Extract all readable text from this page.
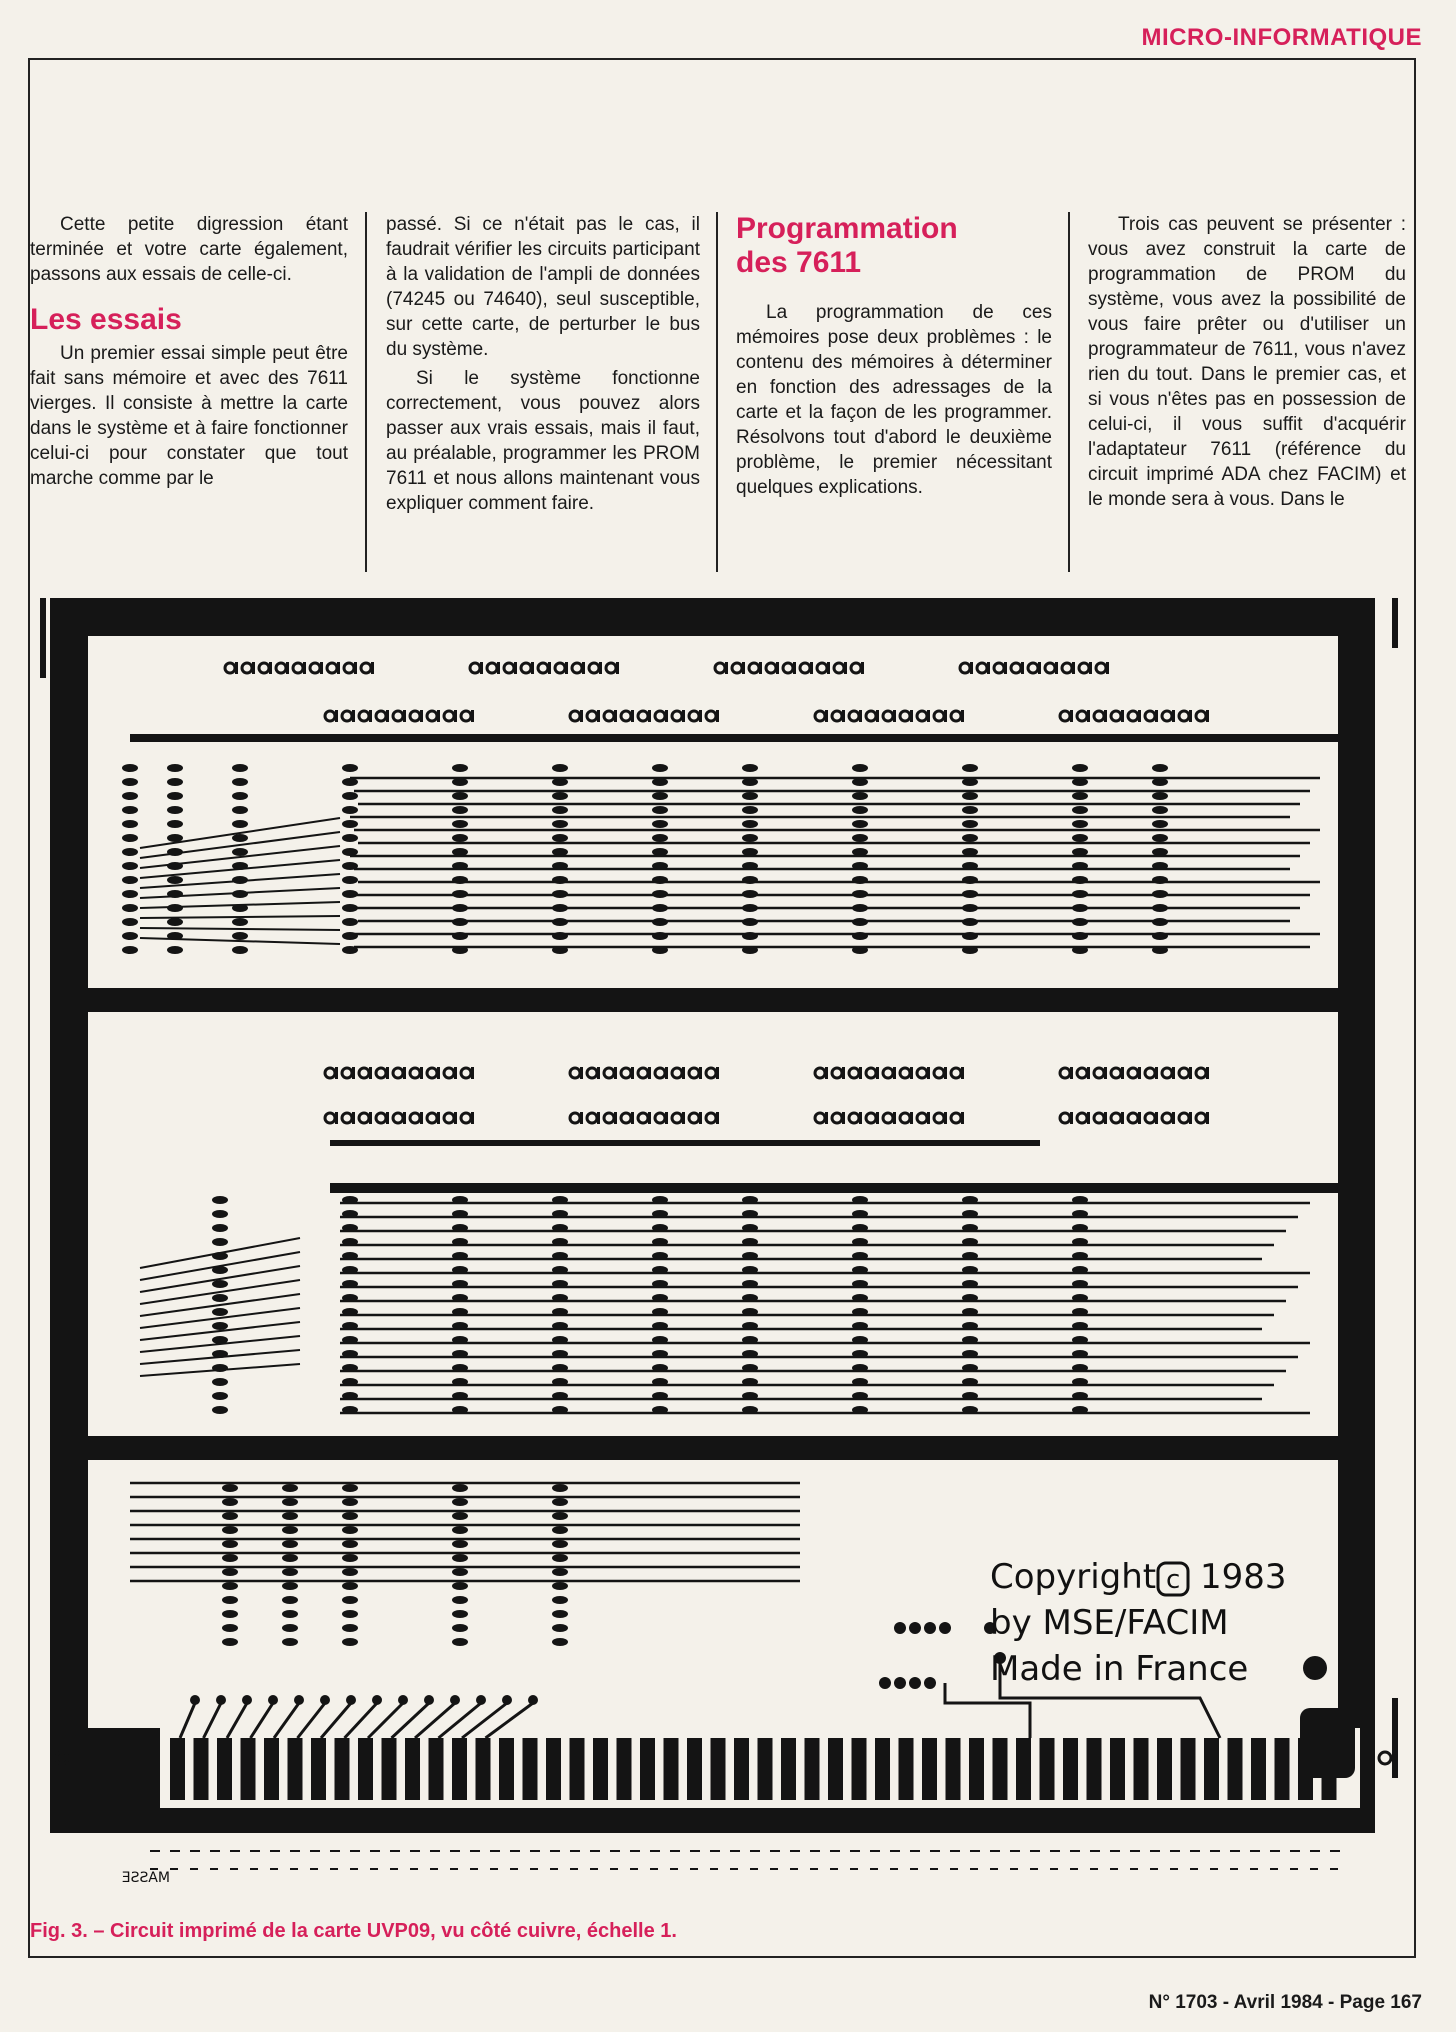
MICRO-INFORMATIQUE

Cette petite digression étant terminée et votre carte également, passons aux essais de celle-ci.

Les essais

Un premier essai simple peut être fait sans mémoire et avec des 7611 vierges. Il consiste à mettre la carte dans le système et à faire fonctionner celui-ci pour constater que tout marche comme par le

passé. Si ce n'était pas le cas, il faudrait vérifier les circuits participant à la validation de l'ampli de données (74245 ou 74640), seul susceptible, sur cette carte, de perturber le bus du système.

Si le système fonctionne correctement, vous pouvez alors passer aux vrais essais, mais il faut, au préalable, programmer les PROM 7611 et nous allons maintenant vous expliquer comment faire.

Programmation
des 7611

La programmation de ces mémoires pose deux problèmes : le contenu des mémoires à déterminer en fonction des adressages de la carte et la façon de les programmer. Résolvons tout d'abord le deuxième problème, le premier nécessitant quelques explications.

Trois cas peuvent se présenter : vous avez construit la carte de programmation de PROM du système, vous avez la possibilité de vous faire prêter ou d'utiliser un programmateur de 7611, vous n'avez rien du tout. Dans le premier cas, et si vous n'êtes pas en possession de celui-ci, il vous suffit d'acquérir l'adaptateur 7611 (référence du circuit imprimé ADA chez FACIM) et le monde sera à vous. Dans le

Copyright c 1983
by MSE/FACIM
Made in France
MASSE
Fig. 3. – Circuit imprimé de la carte UVP09, vu côté cuivre, échelle 1.
N° 1703 - Avril 1984 - Page 167
